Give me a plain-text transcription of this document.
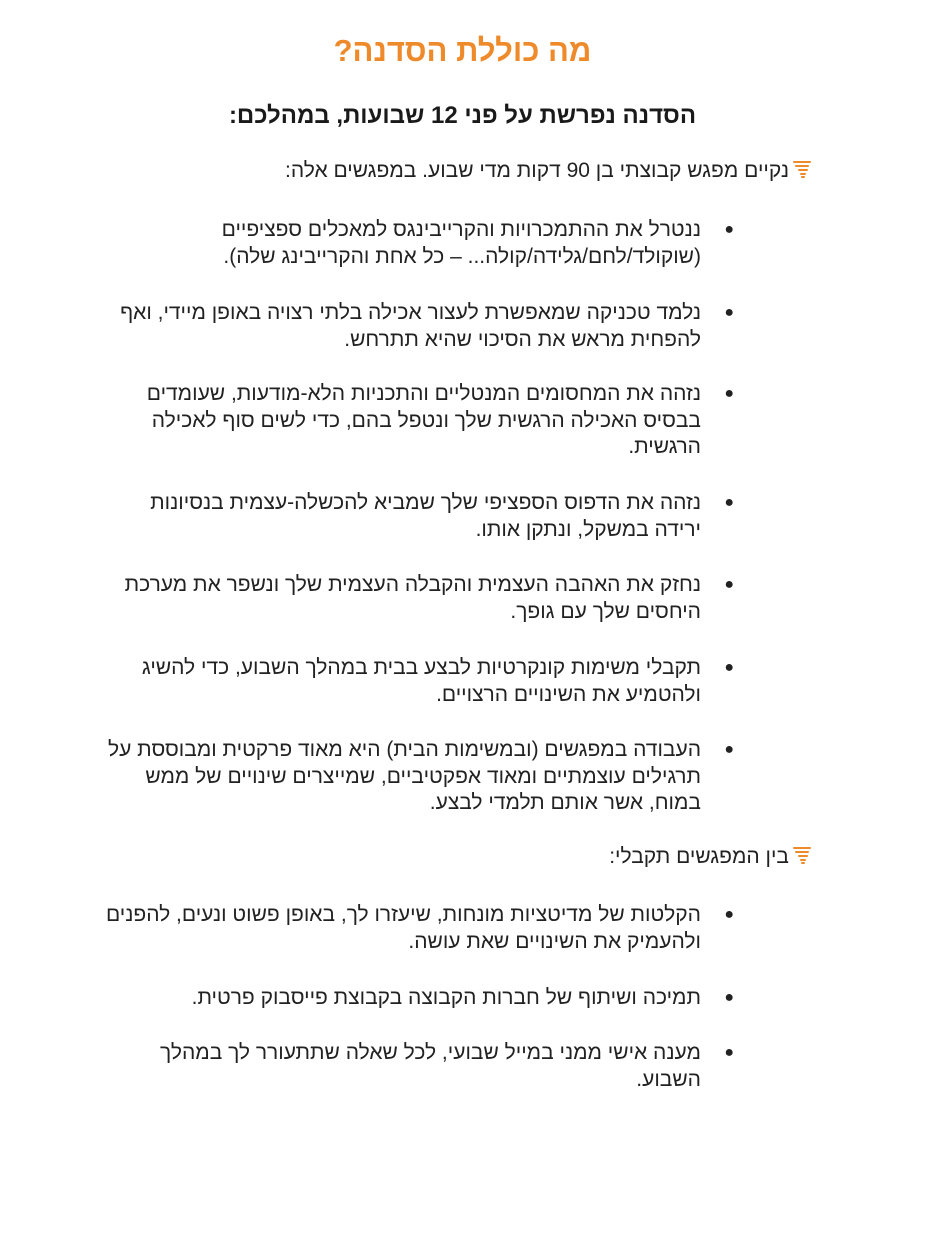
מה כוללת הסדנה?
הסדנה נפרשת על פני 12 שבועות, במהלכם:

נקיים מפגש קבוצתי בן 90 דקות מדי שבוע. במפגשים אלה:

●
ננטרל את ההתמכרויות והקרייבינגס למאכלים ספציפיים (שוקולד/לחם/גלידה/קולה... – כל אחת והקרייבינג שלה).
●
נלמד טכניקה שמאפשרת לעצור אכילה בלתי רצויה באופן מיידי, ואף להפחית מראש את הסיכוי שהיא תתרחש.
●
נזהה את המחסומים המנטליים והתכניות הלא-מודעות, שעומדים בבסיס האכילה הרגשית שלך ונטפל בהם, כדי לשים סוף לאכילה הרגשית.
●
נזהה את הדפוס הספציפי שלך שמביא להכשלה-עצמית בנסיונות ירידה במשקל, ונתקן אותו.
●
נחזק את האהבה העצמית והקבלה העצמית שלך ונשפר את מערכת היחסים שלך עם גופך.
●
תקבלי משימות קונקרטיות לבצע בבית במהלך השבוע, כדי להשיג ולהטמיע את השינויים הרצויים.
●
העבודה במפגשים (ובמשימות הבית) היא מאוד פרקטית ומבוססת על תרגילים עוצמתיים ומאוד אפקטיביים, שמייצרים שינויים של ממש במוח, אשר אותם תלמדי לבצע.

בין המפגשים תקבלי:

●
הקלטות של מדיטציות מונחות, שיעזרו לך, באופן פשוט ונעים, להפנים ולהעמיק את השינויים שאת עושה.
●
תמיכה ושיתוף של חברות הקבוצה בקבוצת פייסבוק פרטית.
●
מענה אישי ממני במייל שבועי, לכל שאלה שתתעורר לך במהלך השבוע.
